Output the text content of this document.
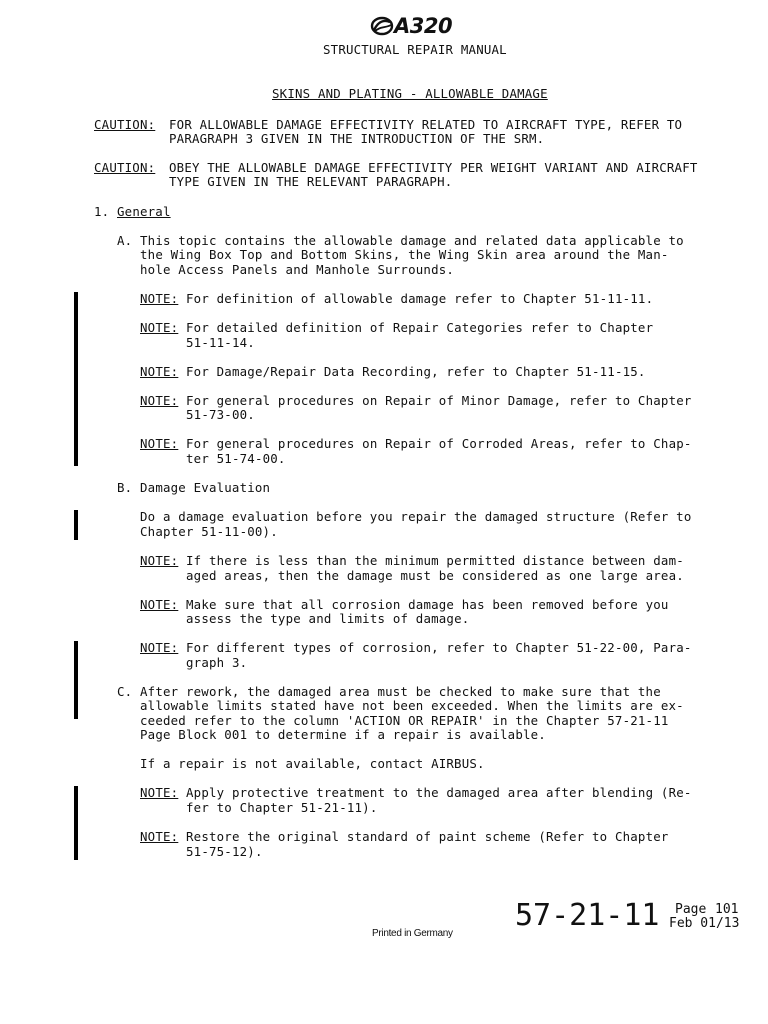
A320
STRUCTURAL REPAIR MANUAL
SKINS AND PLATING - ALLOWABLE DAMAGE
CAUTION: FOR ALLOWABLE DAMAGE EFFECTIVITY RELATED TO AIRCRAFT TYPE, REFER TO
PARAGRAPH 3 GIVEN IN THE INTRODUCTION OF THE SRM.
CAUTION: OBEY THE ALLOWABLE DAMAGE EFFECTIVITY PER WEIGHT VARIANT AND AIRCRAFT
TYPE GIVEN IN THE RELEVANT PARAGRAPH.
1. General
A. This topic contains the allowable damage and related data applicable to
the Wing Box Top and Bottom Skins, the Wing Skin area around the Man-
hole Access Panels and Manhole Surrounds.
NOTE: For definition of allowable damage refer to Chapter 51-11-11.
NOTE: For detailed definition of Repair Categories refer to Chapter
51-11-14.
NOTE: For Damage/Repair Data Recording, refer to Chapter 51-11-15.
NOTE: For general procedures on Repair of Minor Damage, refer to Chapter
51-73-00.
NOTE: For general procedures on Repair of Corroded Areas, refer to Chap-
ter 51-74-00.
B. Damage Evaluation
Do a damage evaluation before you repair the damaged structure (Refer to
Chapter 51-11-00).
NOTE: If there is less than the minimum permitted distance between dam-
aged areas, then the damage must be considered as one large area.
NOTE: Make sure that all corrosion damage has been removed before you
assess the type and limits of damage.
NOTE: For different types of corrosion, refer to Chapter 51-22-00, Para-
graph 3.
C. After rework, the damaged area must be checked to make sure that the
allowable limits stated have not been exceeded. When the limits are ex-
ceeded refer to the column 'ACTION OR REPAIR' in the Chapter 57-21-11
Page Block 001 to determine if a repair is available.
If a repair is not available, contact AIRBUS.
NOTE: Apply protective treatment to the damaged area after blending (Re-
fer to Chapter 51-21-11).
NOTE: Restore the original standard of paint scheme (Refer to Chapter
51-75-12).
57-21-11 Page 101
Feb 01/13
Printed in Germany
